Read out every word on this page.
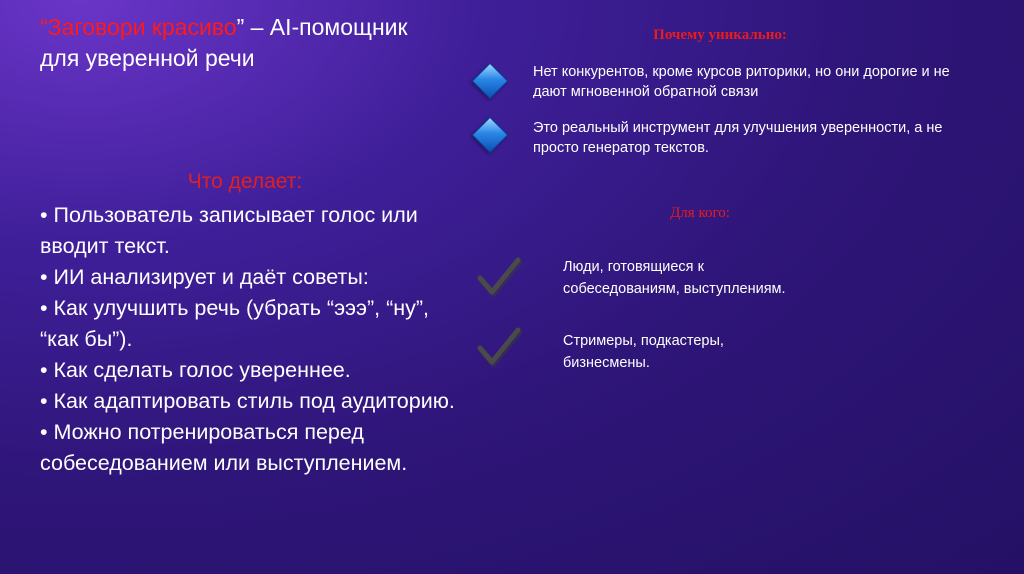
“Заговори красиво” – AI-помощник для уверенной речи
Что делает:

• Пользователь записывает голос или вводит текст.

• ИИ анализирует и даёт советы:

• Как улучшить речь (убрать “эээ”, “ну”, “как бы”).

• Как сделать голос увереннее.

• Как адаптировать стиль под аудиторию.

• Можно потренироваться перед собеседованием или выступлением.

Почему уникально:
Нет конкурентов, кроме курсов риторики, но они дорогие и не дают мгновенной обратной связи
Это реальный инструмент для улучшения уверенности, а не просто генератор текстов.
Для кого:
Люди, готовящиеся к собеседованиям, выступлениям.
Стримеры, подкастеры, бизнесмены.
